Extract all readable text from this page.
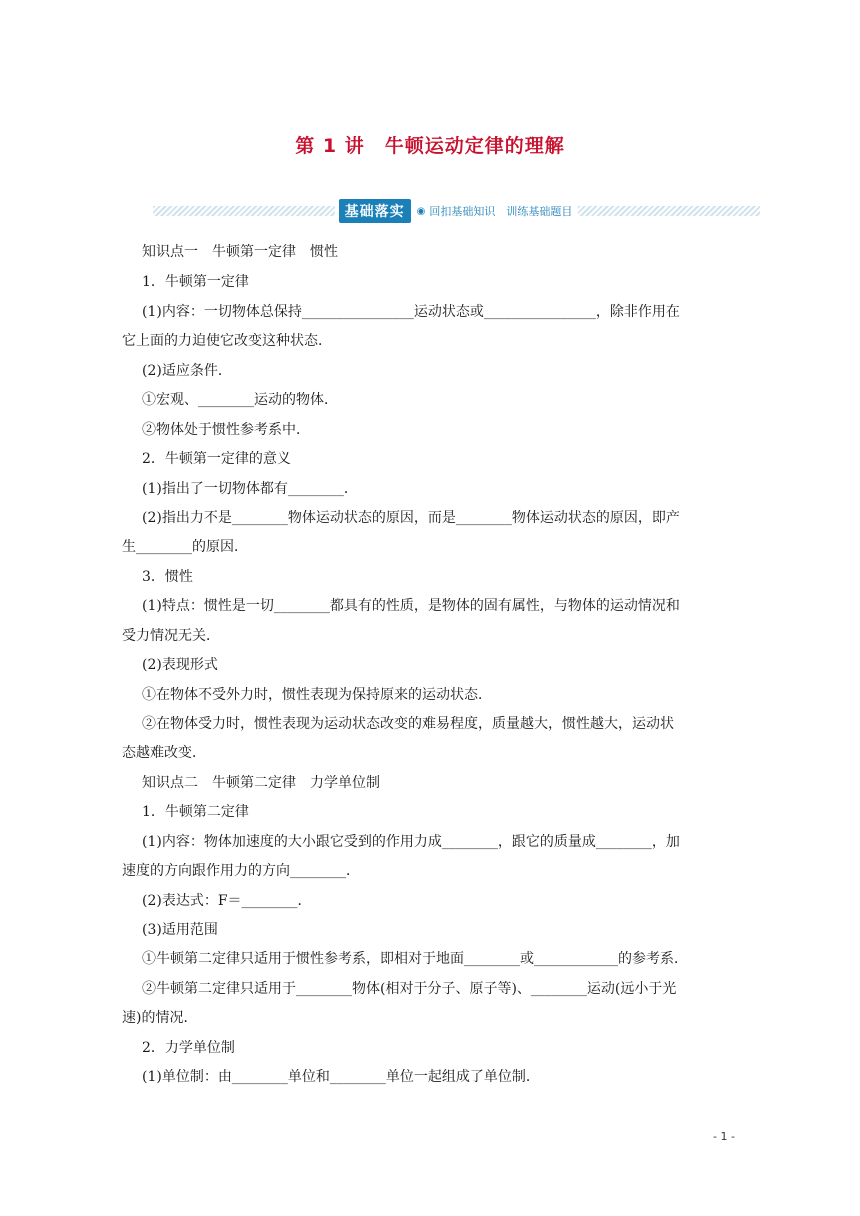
第 1 讲　牛顿运动定律的理解
基础落实	◉ 回扣基础知识　训练基础题目
知识点一　牛顿第一定律　惯性
1．牛顿第一定律
(1)内容：一切物体总保持________________运动状态或________________，除非作用在
它上面的力迫使它改变这种状态．
(2)适应条件．
①宏观、________运动的物体．
②物体处于惯性参考系中．
2．牛顿第一定律的意义
(1)指出了一切物体都有________．
(2)指出力不是________物体运动状态的原因，而是________物体运动状态的原因，即产
生________的原因．
3．惯性
(1)特点：惯性是一切________都具有的性质，是物体的固有属性，与物体的运动情况和
受力情况无关．
(2)表现形式
①在物体不受外力时，惯性表现为保持原来的运动状态．
②在物体受力时，惯性表现为运动状态改变的难易程度，质量越大，惯性越大，运动状
态越难改变．
知识点二　牛顿第二定律　力学单位制
1．牛顿第二定律
(1)内容：物体加速度的大小跟它受到的作用力成________，跟它的质量成________，加
速度的方向跟作用力的方向________．
(2)表达式：F＝________．
(3)适用范围
①牛顿第二定律只适用于惯性参考系，即相对于地面________或____________的参考系．
②牛顿第二定律只适用于________物体(相对于分子、原子等)、________运动(远小于光
速)的情况．
2．力学单位制
(1)单位制：由________单位和________单位一起组成了单位制．
- 1 -
